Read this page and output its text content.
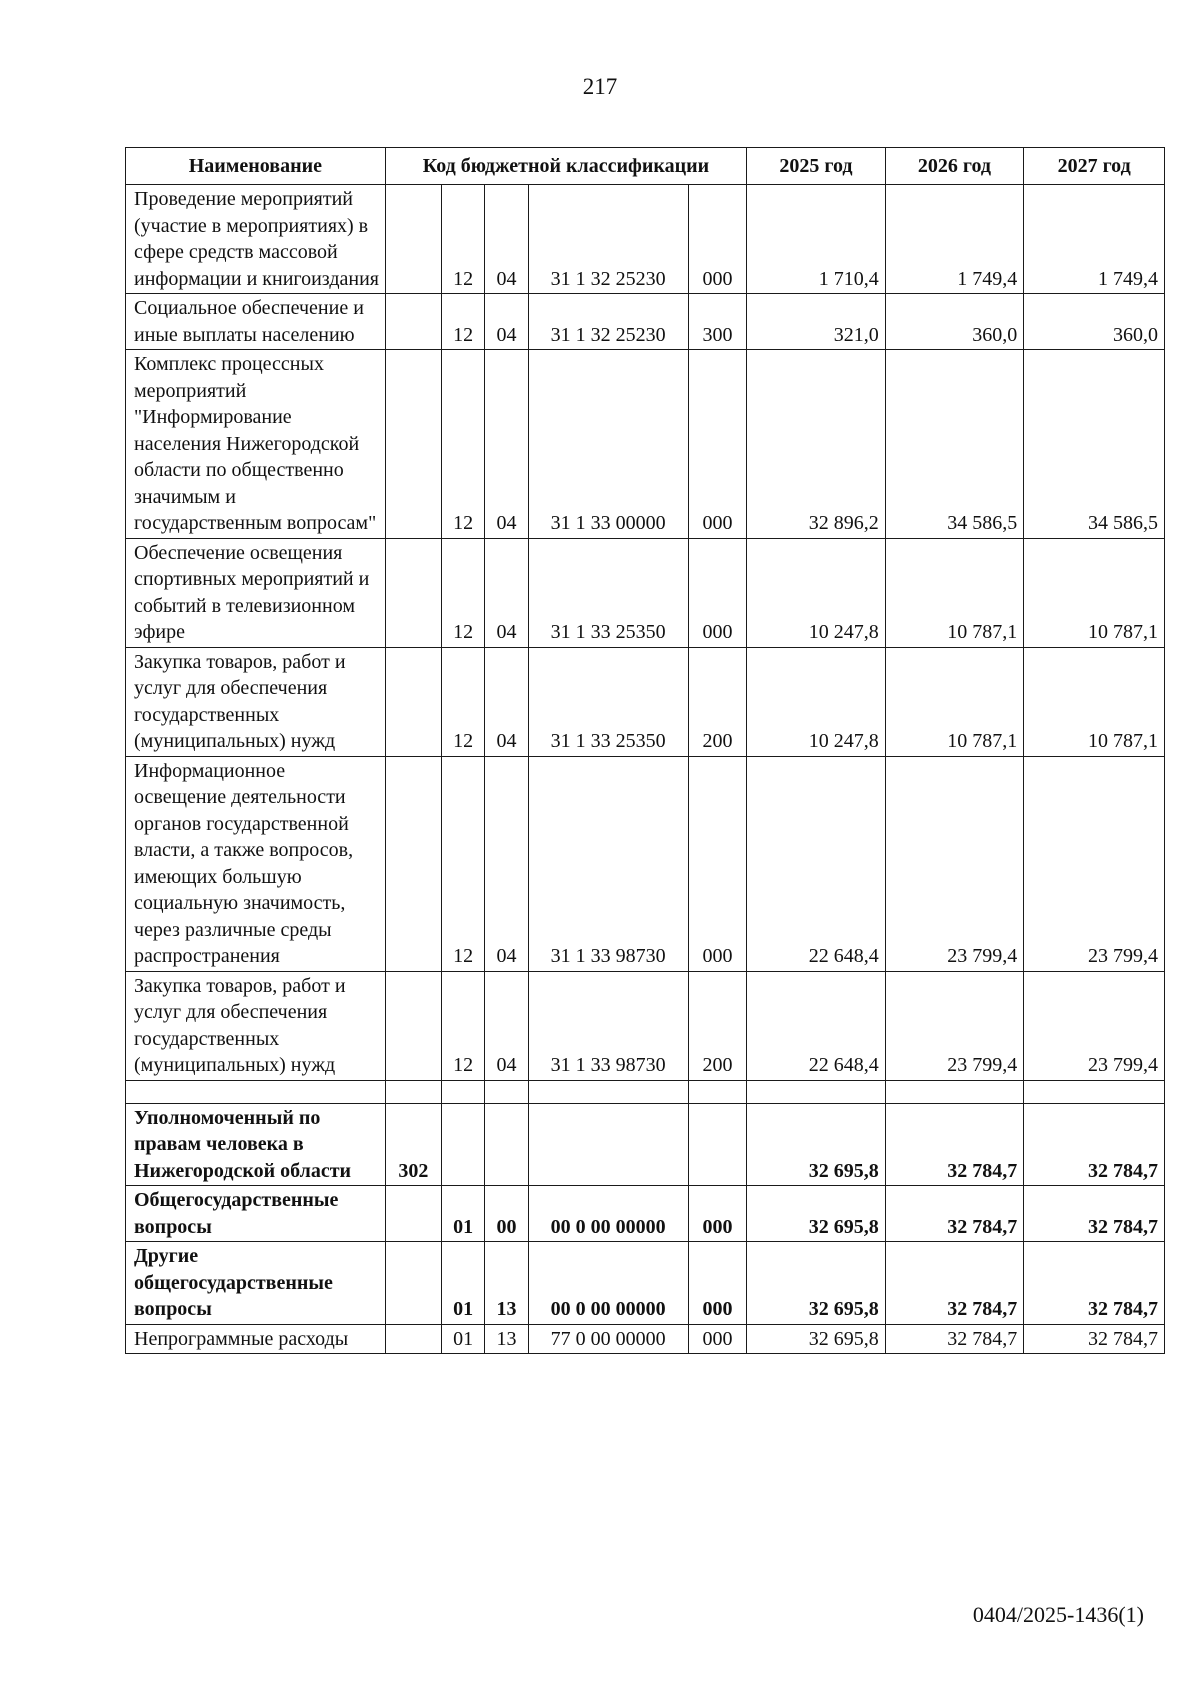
217
Наименование	Код бюджетной классификации					2025 год	2026 год	2027 год
Проведение мероприятий (участие в мероприятиях) в сфере средств массовой информации и книгоиздания		12	04	31 1 32 25230	000	1 710,4	1 749,4	1 749,4
Социальное обеспечение и иные выплаты населению		12	04	31 1 32 25230	300	321,0	360,0	360,0
Комплекс процессных мероприятий "Информирование населения Нижегородской области по общественно значимым и государственным вопросам"		12	04	31 1 33 00000	000	32 896,2	34 586,5	34 586,5
Обеспечение освещения спортивных мероприятий и событий в телевизионном эфире		12	04	31 1 33 25350	000	10 247,8	10 787,1	10 787,1
Закупка товаров, работ и услуг для обеспечения государственных (муниципальных) нужд		12	04	31 1 33 25350	200	10 247,8	10 787,1	10 787,1
Информационное освещение деятельности органов государственной власти, а также вопросов, имеющих большую социальную значимость, через различные среды распространения		12	04	31 1 33 98730	000	22 648,4	23 799,4	23 799,4
Закупка товаров, работ и услуг для обеспечения государственных (муниципальных) нужд		12	04	31 1 33 98730	200	22 648,4	23 799,4	23 799,4

Уполномоченный по правам человека в Нижегородской области	302					32 695,8	32 784,7	32 784,7
Общегосударственные вопросы		01	00	00 0 00 00000	000	32 695,8	32 784,7	32 784,7
Другие общегосударственные вопросы		01	13	00 0 00 00000	000	32 695,8	32 784,7	32 784,7
Непрограммные расходы		01	13	77 0 00 00000	000	32 695,8	32 784,7	32 784,7
0404/2025-1436(1)
